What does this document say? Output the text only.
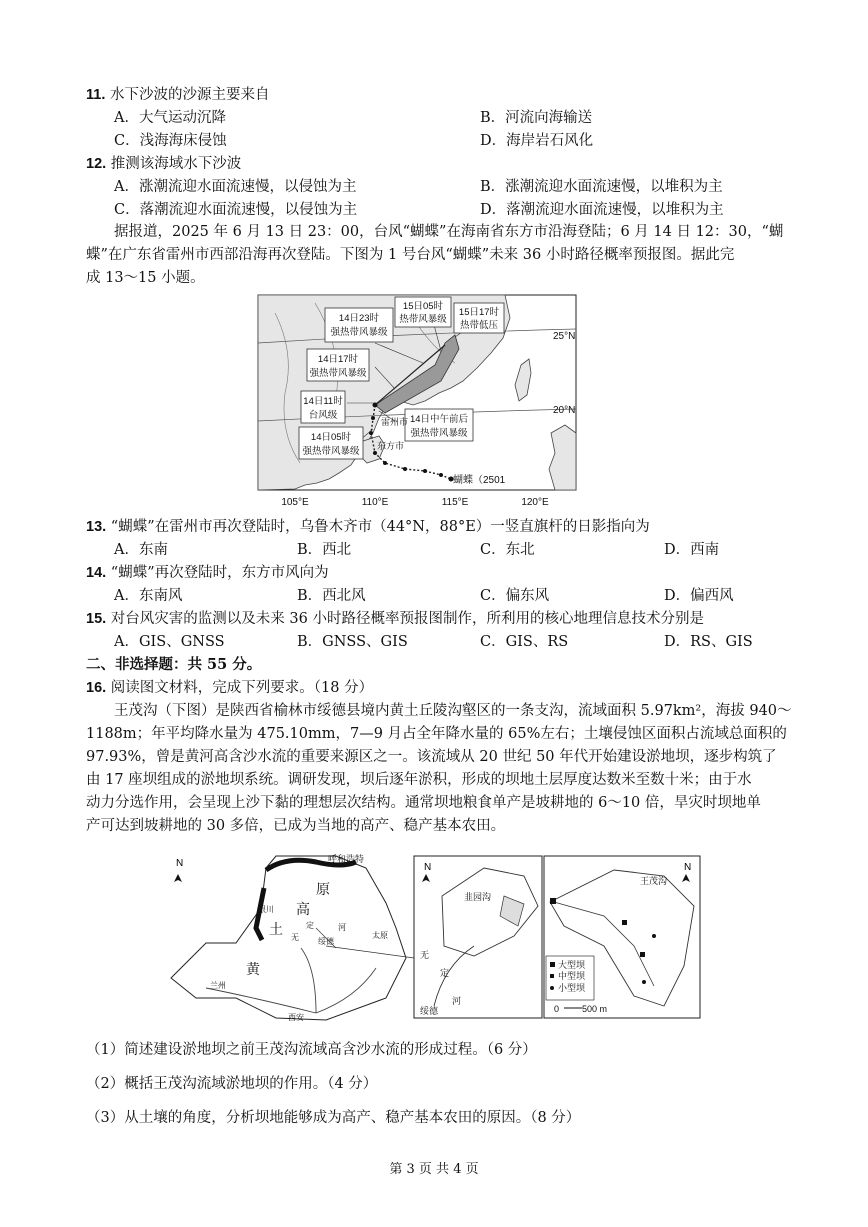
11. 水下沙波的沙源主要来自
A．大气运动沉降	B．河流向海输送
C．浅海海床侵蚀	D．海岸岩石风化
12. 推测该海域水下沙波
A．涨潮流迎水面流速慢，以侵蚀为主	B．涨潮流迎水面流速慢，以堆积为主
C．落潮流迎水面流速慢，以侵蚀为主	D．落潮流迎水面流速慢，以堆积为主
据报道，2025 年 6 月 13 日 23：00，台风“蝴蝶”在海南省东方市沿海登陆；6 月 14 日 12：30，“蝴
蝶”在广东省雷州市西部沿海再次登陆。下图为 1 号台风“蝴蝶”未来 36 小时路径概率预报图。据此完
成 13～15 小题。
14日23时
强热带风暴级
15日05时
热带风暴级
15日17时
热带低压
14日17时
强热带风暴级
14日11时
台风级
14日05时
强热带风暴级
14日中午前后
强热带风暴级
25°N
20°N
雷州市
东方市
蝴蝶（2501
105°E	110°E	115°E	120°E
13. “蝴蝶”在雷州市再次登陆时，乌鲁木齐市（44°N，88°E）一竖直旗杆的日影指向为
A．东南	B．西北	C．东北	D．西南
14. “蝴蝶”再次登陆时，东方市风向为
A．东南风	B．西北风	C．偏东风	D．偏西风
15. 对台风灾害的监测以及未来 36 小时路径概率预报图制作，所利用的核心地理信息技术分别是
A．GIS、GNSS	B．GNSS、GIS	C．GIS、RS	D．RS、GIS
二、非选择题：共 55 分。
16. 阅读图文材料，完成下列要求。（18 分）
王茂沟（下图）是陕西省榆林市绥德县境内黄土丘陵沟壑区的一条支沟，流域面积 5.97km²，海拔 940～
1188m；年平均降水量为 475.10mm，7—9 月占全年降水量的 65%左右；土壤侵蚀区面积占流域总面积的
97.93%，曾是黄河高含沙水流的重要来源区之一。该流域从 20 世纪 50 年代开始建设淤地坝，逐步构筑了
由 17 座坝组成的淤地坝系统。调研发现，坝后逐年淤积，形成的坝地土层厚度达数米至数十米；由于水
动力分选作用，会呈现上沙下黏的理想层次结构。通常坝地粮食单产是坡耕地的 6～10 倍，旱灾时坝地单
产可达到坡耕地的 30 多倍，已成为当地的高产、稳产基本农田。
N	呼和浩特
原
高
土
黄
银川
定	河
无 绥德
太原
兰州
西安
N
韭园沟
无
定
河
绥德
N
王茂沟
大型坝
中型坝
小型坝
0	500 m
（1）简述建设淤地坝之前王茂沟流域高含沙水流的形成过程。（6 分）
（2）概括王茂沟流域淤地坝的作用。（4 分）
（3）从土壤的角度，分析坝地能够成为高产、稳产基本农田的原因。（8 分）
第 3 页 共 4 页
